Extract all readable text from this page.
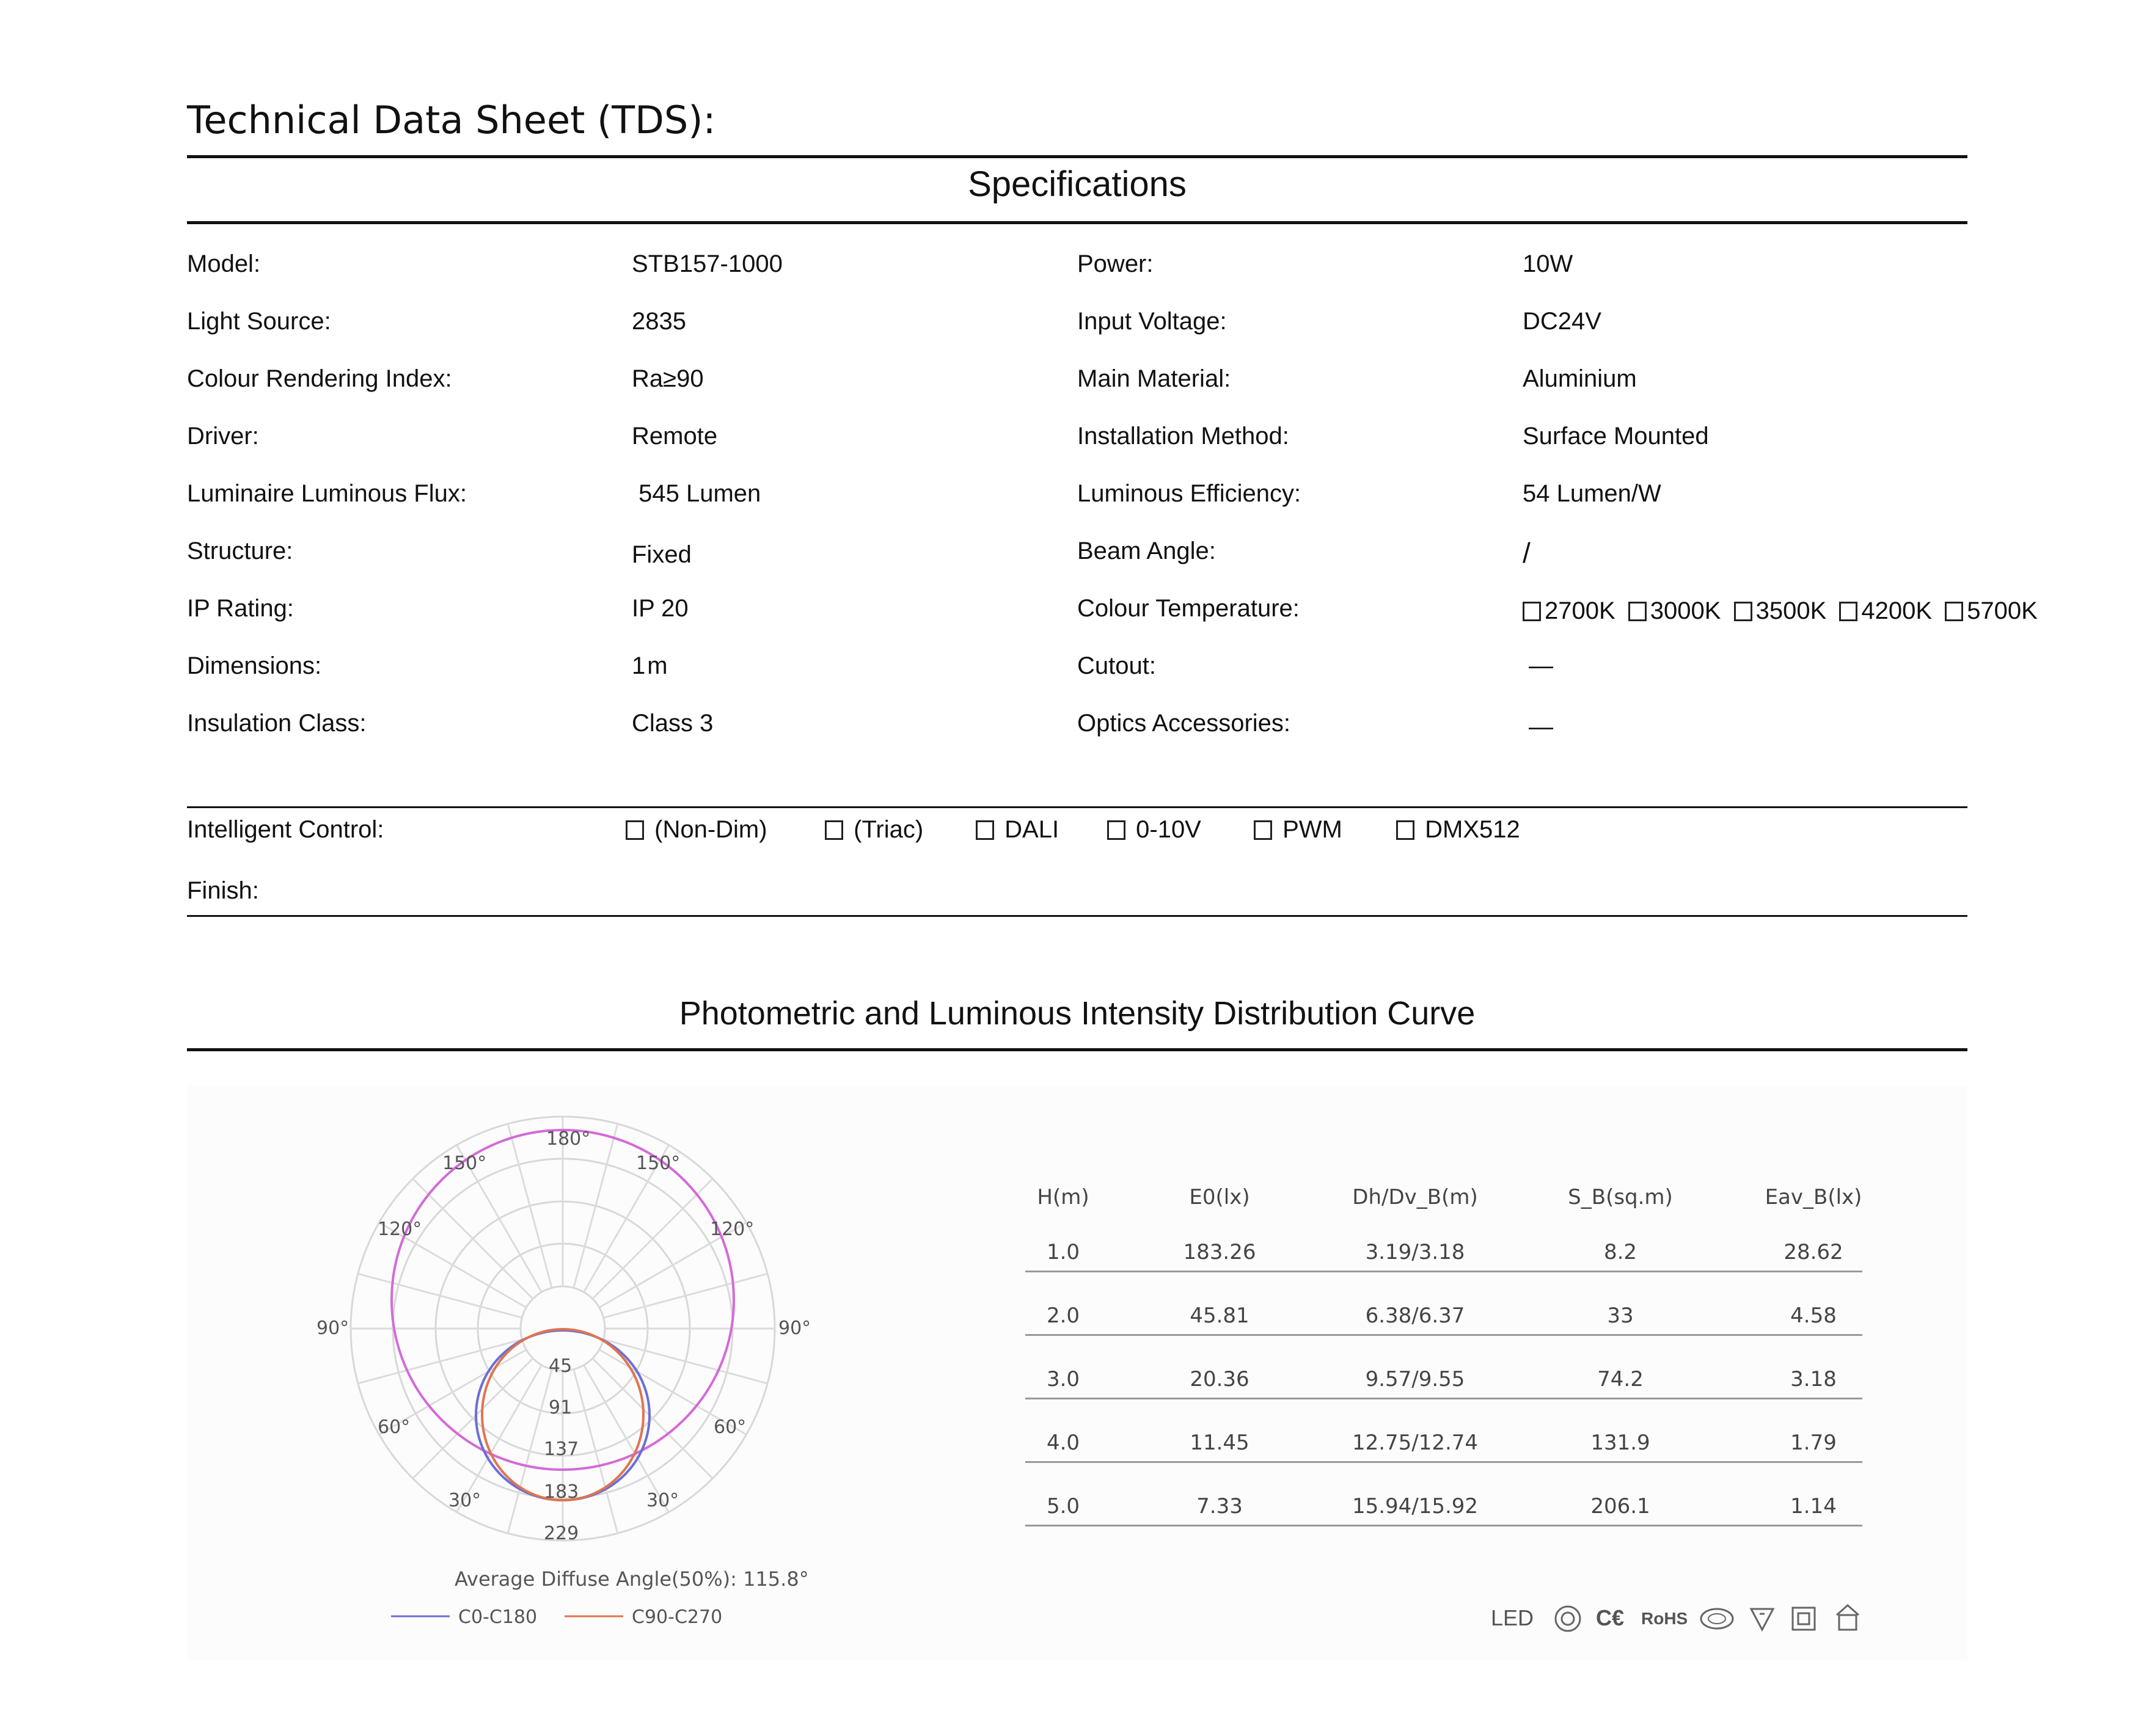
Technical Data Sheet (TDS):
Specifications
Model:	STB157-1000	Power:	10W
Light Source:	2835	Input Voltage:	DC24V
Colour Rendering Index:	Ra≥90	Main Material:	Aluminium
Driver:	Remote	Installation Method:	Surface Mounted
Luminaire Luminous Flux:	545 Lumen	Luminous Efficiency:	54 Lumen/W
Structure:	Fixed	Beam Angle:	/
IP Rating:	IP 20	Colour Temperature:	2700K 3000K 3500K 4200K 5700K
Dimensions:	1m	Cutout:	—
Insulation Class:	Class 3	Optics Accessories:	—
Intelligent Control:	(Non-Dim)	(Triac)	DALI	0-10V	PWM	DMX512
Finish:
Photometric and Luminous Intensity Distribution Curve
180°
150°	150°
120°	120°
90°	90°
60°	60°
30°	30°
45
91
137
183
229
Average Diffuse Angle(50%): 115.8°
C0-C180	C90-C270
H(m)	E0(lx)	Dh/Dv_B(m)	S_B(sq.m)	Eav_B(lx)
1.0	183.26	3.19/3.18	8.2	28.62
2.0	45.81	6.38/6.37	33	4.58
3.0	20.36	9.57/9.55	74.2	3.18
4.0	11.45	12.75/12.74	131.9	1.79
5.0	7.33	15.94/15.92	206.1	1.14
LED	C€ RoHS
